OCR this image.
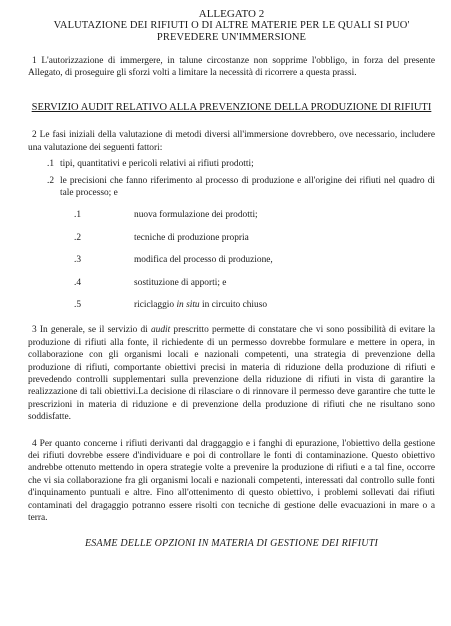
ALLEGATO 2
VALUTAZIONE DEI RIFIUTI O DI ALTRE MATERIE PER LE QUALI SI PUO' PREVEDERE UN'IMMERSIONE

1 L'autorizzazione di immergere, in talune circostanze non sopprime l'obbligo, in forza del presente Allegato, di proseguire gli sforzi volti a limitare la necessità di ricorrere a questa prassi.

SERVIZIO AUDIT RELATIVO ALLA PREVENZIONE DELLA PRODUZIONE DI RIFIUTI

2 Le fasi iniziali della valutazione di metodi diversi all'immersione dovrebbero, ove necessario, includere una valutazione dei seguenti fattori:

.1 tipi, quantitativi e pericoli relativi ai rifiuti prodotti;
.2 le precisioni che fanno riferimento al processo di produzione e all'origine dei rifiuti nel quadro di tale processo; e
.1	nuova formulazione dei prodotti;
.2	tecniche di produzione propria
.3	modifica del processo di produzione,
.4	sostituzione di apporti; e
.5	riciclaggio in situ in circuito chiuso

3 In generale, se il servizio di audit prescritto permette di constatare che vi sono possibilità di evitare la produzione di rifiuti alla fonte, il richiedente di un permesso dovrebbe formulare e mettere in opera, in collaborazione con gli organismi locali e nazionali competenti, una strategia di prevenzione della produzione di rifiuti, comportante obiettivi precisi in materia di riduzione della produzione di rifiuti e prevedendo controlli supplementari sulla prevenzione della riduzione di rifiuti in vista di garantire la realizzazione di tali obiettivi.La decisione di rilasciare o di rinnovare il permesso deve garantire che tutte le prescrizioni in materia di riduzione e di prevenzione della produzione di rifiuti che ne risultano sono soddisfatte.

4 Per quanto concerne i rifiuti derivanti dal draggaggio e i fanghi di epurazione, l'obiettivo della gestione dei rifiuti dovrebbe essere d'individuare e poi di controllare le fonti di contaminazione. Questo obiettivo andrebbe ottenuto mettendo in opera strategie volte a prevenire la produzione di rifiuti e a tal fine, occorre che vi sia collaborazione fra gli organismi locali e nazionali competenti, interessati dal controllo sulle fonti d'inquinamento puntuali e altre. Fino all'ottenimento di questo obiettivo, i problemi sollevati dai rifiuti contaminati del dragaggio potranno essere risolti con tecniche di gestione delle evacuazioni in mare o a terra.

ESAME DELLE OPZIONI IN MATERIA DI GESTIONE DEI RIFIUTI
